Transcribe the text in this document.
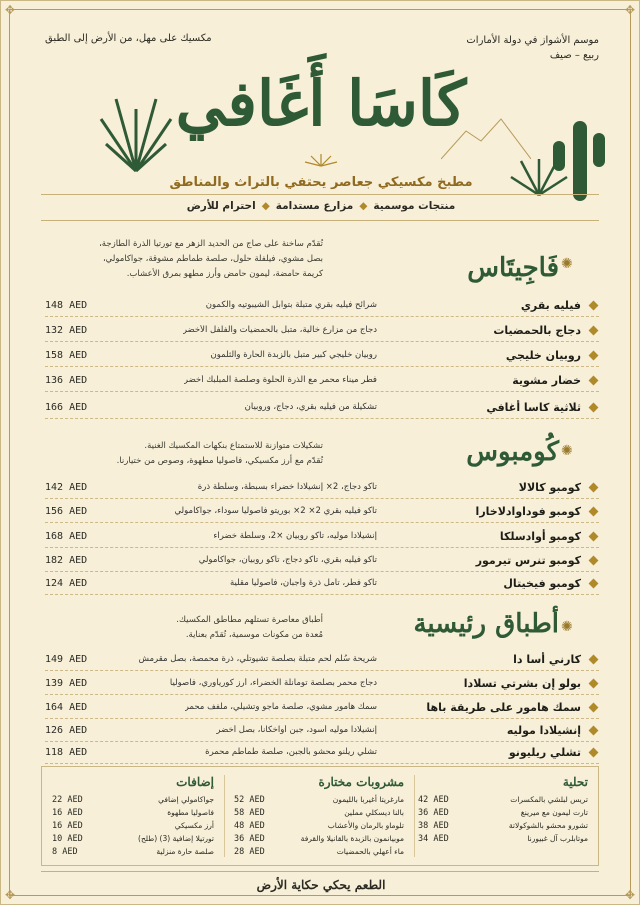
✥	✥
✥	✥
موسم الأشواز في دولة الأمارات
ربيع – صيف
مكسيك على مهل، من الأرض إلى الطبق
كَاسَا أَغَافي
مطبخ مكسيكي جعاصر يحتفي بالتراث والمناطق
منتجات موسمية◆مزارع مستدامة◆احترام للأرض
✺
فَاجِيتَاس
تُقدّم ساخنة على صاج من الحديد الزهر مع تورتيا الذرة الطازجة،
بصل مشوي، فيلفلة حلول، صلصة طماطم مشوقة، جواكامولي،
كريمة حامضة، ليمون حامض وأرز مطهو بمرق الأعشاب.
فيليه بقري
شرائح فيليه بقري متبلة بتوابل الشيبوتيه والكمون
148 AED
دجاج بالحمضيات
دجاج من مزارع خالية، متبل بالحمضيات والفلفل الأخضر
132 AED
روبيان خليجي
روبيان خليجي كبير متبل بالزبدة الحارة والثلمون
158 AED
خضار مشوية
فطر ميناء محمر مع الذرة الحلوة وصلصة المبلبك أخضر
136 AED
ثلاثية كاسا أغافي
تشكيلة من فيليه بقري، دجاج، وروبيان
166 AED
✺
كُومبوس
تشكيلات متوازنة للاستمتاع بنكهات المكسيك الغنية.
تُقدّم مع أرز مكسيكي، فاصوليا مطهوة، وصوص من ختيارنا.
كومبو كالالا
تاكو دجاج، 2× إنشيلادا خضراء بسبطة، وسلطة ذرة
142 AED
كومبو فوداوادلاخارا
تاكو فيليه بقري 2× 2× بوريتو فاصوليا سوداء، جواكامولي
156 AED
كومبو أوادسلكا
إنشيلادا موليه، تاكو روبيان ×2، وسلطة خضراء
168 AED
كومبو تنرس تيرمور
تاكو فيليه بقري، تاكو دجاج، تاكو روبيان، جواكامولي
182 AED
كومبو فيخيتال
تاكو فطر، تامل ذرة وأجبان، فاصوليا مقلية
124 AED
✺
أطباق رئيسية
أطباق معاصرة تستلهم مطاطق المكسيك.
مُعدة من مكونات موسمية، تُقدّم بعناية.
كارني أسا دا
شريحة سُلم لحم متبلة بصلصة تشيوتلي، ذرة محمصة، بصل مقرمش
149 AED
بولو إن بشرتي تسلادا
دجاج محمر بصلصة تومانلة الخضراء، أرز كورياوري، فاصوليا
139 AED
سمك هامور على طريقة باها
سمك هامور مشوي، صلصة ماجو وتشيلي، ملفف محمر
164 AED
إنشيلادا موليه
إنشيلادا موليه أسود، جبن أواخكانا، بصل أخضر
126 AED
تشلي ريليونو
تشلي ريلنو محشو بالجبن، صلصة طماطم محمرة
118 AED
تحلية
تريس لبلشي بالمكسرات
42 AED
تارت ليمون مع ميرينغ
36 AED
تشورو محشو بالشوكولاتة
38 AED
موتابلرب آل غبيورنا
34 AED
مشروبات مختارة
مارغريتا أغيربا بالليمون
52 AED
بالنا ديسكلي مملين
58 AED
تلوماو بالرمان والأعشاب
48 AED
موبيانمون بالزبدة بالقانيلا والقرفة
36 AED
ماء أعهلي بالحمضيات
28 AED
إضافات
جواكامولي إضافي
22 AED
فاصوليا مطهوة
16 AED
أرز مكسيكي
16 AED
تورتيلا إضافية (3) (طلح)
10 AED
صلصة حارة منزلية
8 AED
الطعم يحكي حكاية الأرض
